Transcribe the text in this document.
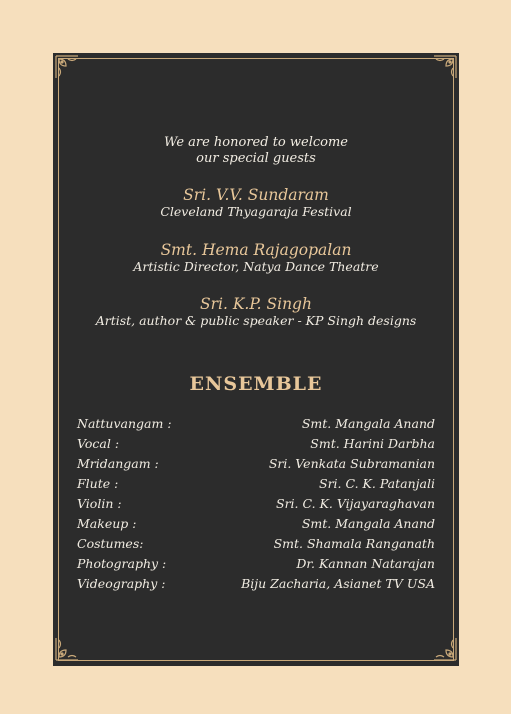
We are honored to welcome
our special guests
Sri. V.V. Sundaram
Cleveland Thyagaraja Festival
Smt. Hema Rajagopalan
Artistic Director, Natya Dance Theatre
Sri. K.P. Singh
Artist, author & public speaker - KP Singh designs
ENSEMBLE
Nattuvangam :	Smt. Mangala Anand
Vocal :	Smt. Harini Darbha
Mridangam :	Sri. Venkata Subramanian
Flute :	Sri. C. K. Patanjali
Violin :	Sri. C. K. Vijayaraghavan
Makeup :	Smt. Mangala Anand
Costumes:	Smt. Shamala Ranganath
Photography :	Dr. Kannan Natarajan
Videography :	Biju Zacharia, Asianet TV USA
